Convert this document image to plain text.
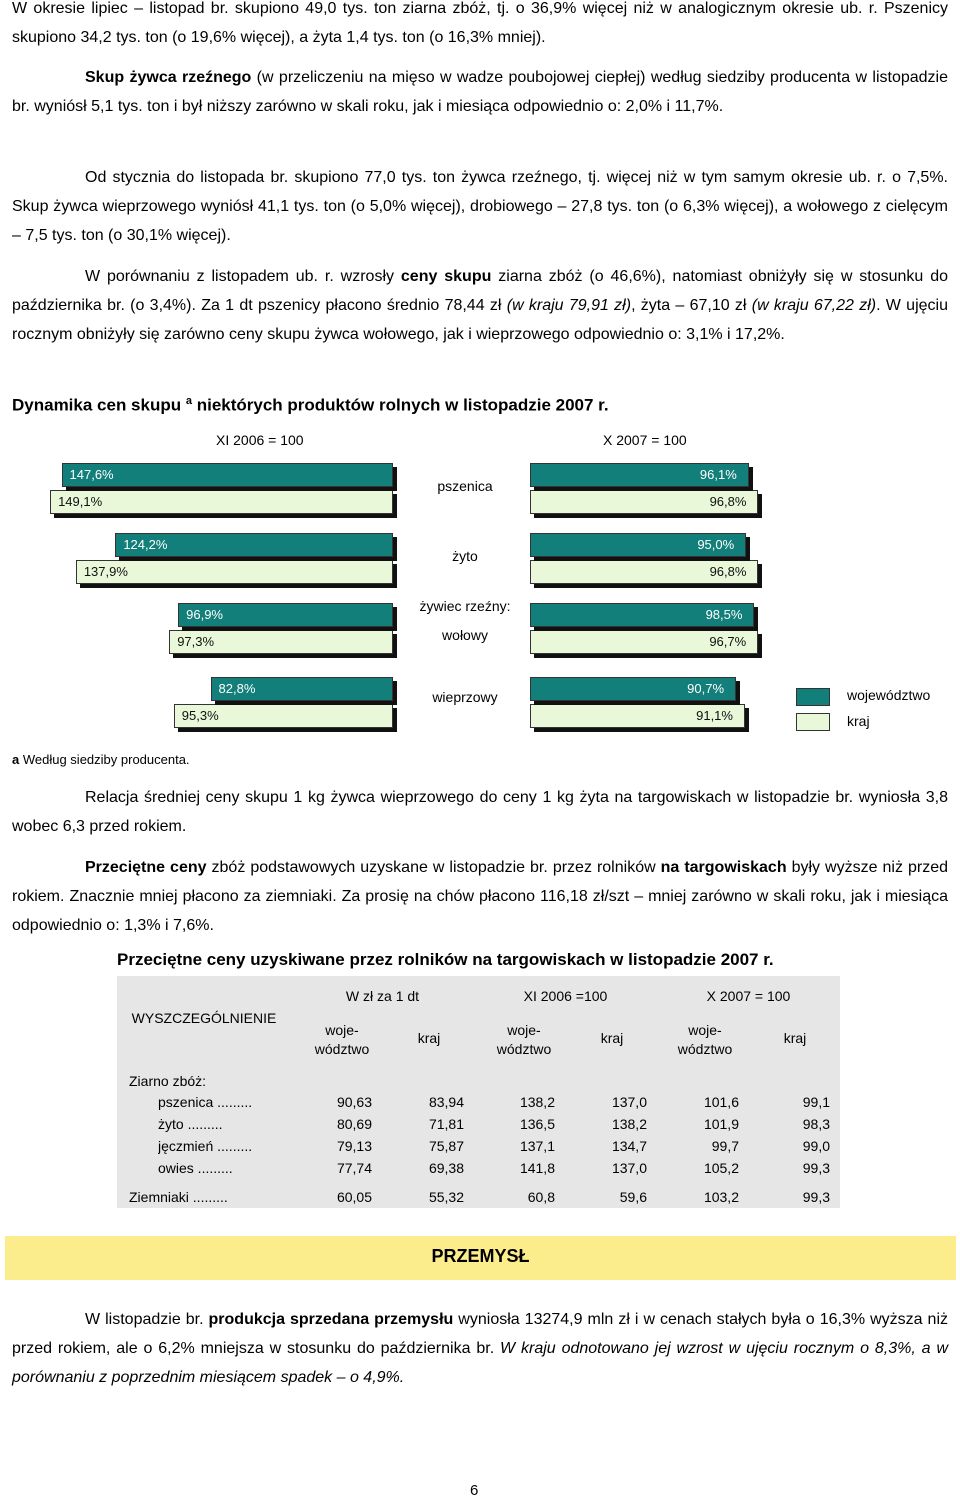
W okresie lipiec – listopad br. skupiono 49,0 tys. ton ziarna zbóż, tj. o 36,9% więcej niż w analogicznym okresie ub. r. Pszenicy skupiono 34,2 tys. ton (o 19,6% więcej), a żyta 1,4 tys. ton (o 16,3% mniej).

Skup żywca rzeźnego (w przeliczeniu na mięso w wadze poubojowej ciepłej) według siedziby producenta w listopadzie br. wyniósł 5,1 tys. ton i był niższy zarówno w skali roku, jak i miesiąca odpowiednio o: 2,0% i 11,7%.

Od stycznia do listopada br. skupiono 77,0 tys. ton żywca rzeźnego, tj. więcej niż w tym samym okresie ub. r. o 7,5%. Skup żywca wieprzowego wyniósł 41,1 tys. ton (o 5,0% więcej), drobiowego – 27,8 tys. ton (o 6,3% więcej), a wołowego z cielęcym – 7,5 tys. ton (o 30,1% więcej).

W porównaniu z listopadem ub. r. wzrosły ceny skupu ziarna zbóż (o 46,6%), natomiast obniżyły się w stosunku do października br. (o 3,4%). Za 1 dt pszenicy płacono średnio 78,44 zł (w kraju 79,91 zł), żyta – 67,10 zł (w kraju 67,22 zł). W ujęciu rocznym obniżyły się zarówno ceny skupu żywca wołowego, jak i wieprzowego odpowiednio o: 3,1% i 17,2%.

Dynamika cen skupu $^a$ niektórych produktów rolnych w listopadzie 2007 r.
XI 2006 = 100	X 2007 = 100
pszenica
żyto
żywiec rzeźny:
wołowy
wieprzowy
149,1%	96,8%
147,6%	96,1%
137,9%	96,8%
124,2%	95,0%
97,3%	96,7%
96,9%	98,5%
95,3%	91,1%
82,8%	90,7%	województwo
kraj
a Według siedziby producenta.

Relacja średniej ceny skupu 1 kg żywca wieprzowego do ceny 1 kg żyta na targowiskach w listopadzie br. wyniosła 3,8 wobec 6,3 przed rokiem.

Przeciętne ceny zbóż podstawowych uzyskane w listopadzie br. przez rolników na targowiskach były wyższe niż przed rokiem. Znacznie mniej płacono za ziemniaki. Za prosię na chów płacono 116,18 zł/szt – mniej zarówno w skali roku, jak i miesiąca odpowiednio o: 1,3% i 7,6%.

Przeciętne ceny uzyskiwane przez rolników na targowiskach w listopadzie 2007 r.
WYSZCZEGÓLNIENIE
W zł za 1 dt	XI 2006 =100	X 2007 = 100
woje-
wództwo
kraj	woje-
wództwo
kraj	woje-
wództwo
kraj
Ziarno zbóż:
pszenica .........	90,63	83,94	138,2	137,0	101,6	99,1
żyto .........	80,69	71,81	136,5	138,2	101,9	98,3
jęczmień .........	79,13	75,87	137,1	134,7	99,7	99,0
owies .........	77,74	69,38	141,8	137,0	105,2	99,3
Ziemniaki .........	60,05	55,32	60,8	59,6	103,2	99,3
PRZEMYSŁ

W listopadzie br. produkcja sprzedana przemysłu wyniosła 13274,9 mln zł i w cenach stałych była o 16,3% wyższa niż przed rokiem, ale o 6,2% mniejsza w stosunku do października br. W kraju odnotowano jej wzrost w ujęciu rocznym o 8,3%, a w porównaniu z poprzednim miesiącem spadek – o 4,9%.

6
